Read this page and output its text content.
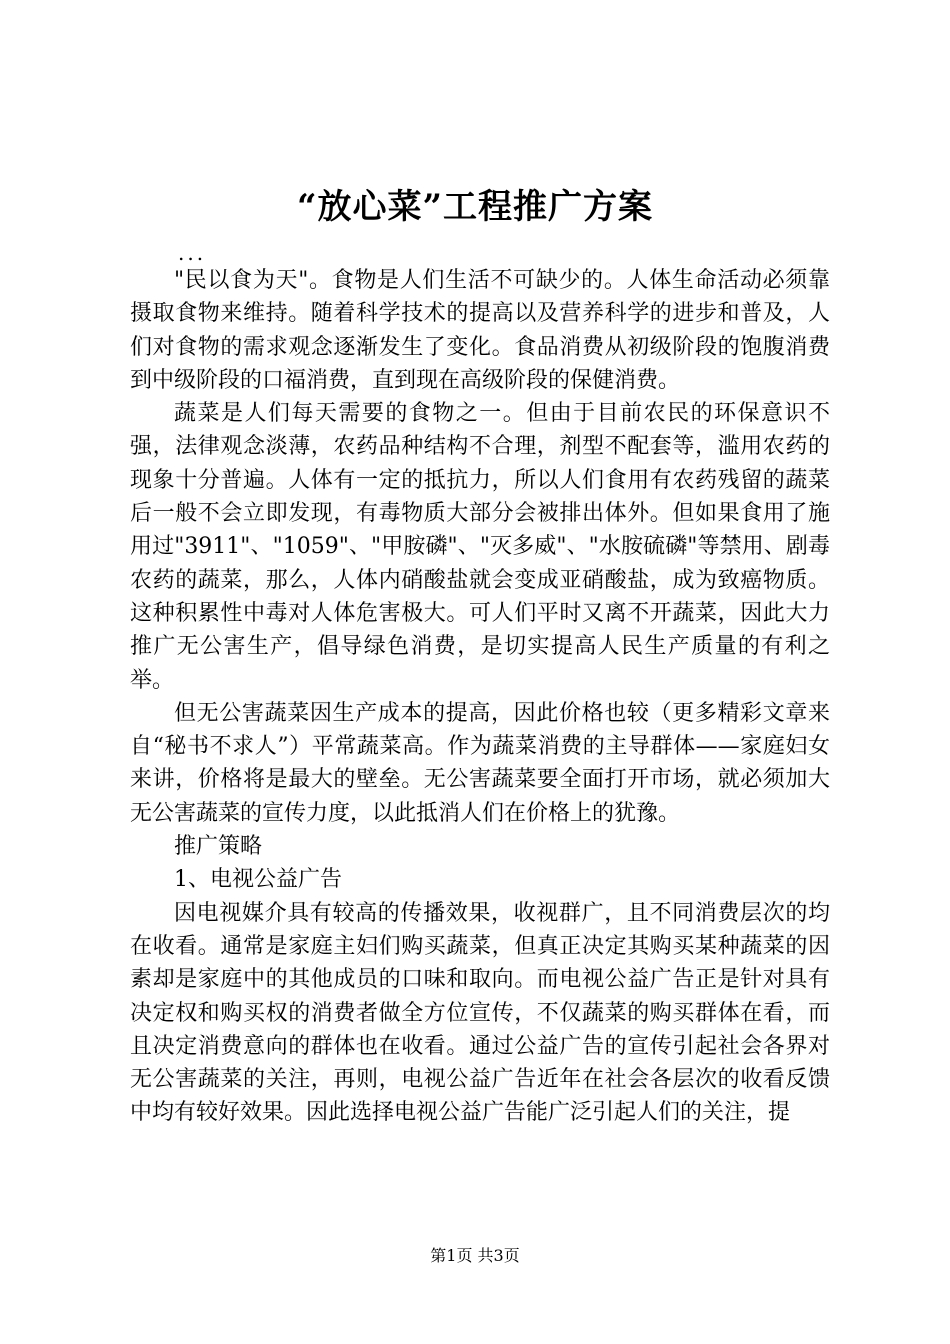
“放心菜”工程推广方案
...

"民以食为天"。食物是人们生活不可缺少的。人体生命活动必须靠摄取食物来维持。随着科学技术的提高以及营养科学的进步和普及，人们对食物的需求观念逐渐发生了变化。食品消费从初级阶段的饱腹消费到中级阶段的口福消费，直到现在高级阶段的保健消费。

蔬菜是人们每天需要的食物之一。但由于目前农民的环保意识不强，法律观念淡薄，农药品种结构不合理，剂型不配套等，滥用农药的现象十分普遍。人体有一定的抵抗力，所以人们食用有农药残留的蔬菜后一般不会立即发现，有毒物质大部分会被排出体外。但如果食用了施用过"3911"、"1059"、"甲胺磷"、"灭多威"、"水胺硫磷"等禁用、剧毒农药的蔬菜，那么，人体内硝酸盐就会变成亚硝酸盐，成为致癌物质。这种积累性中毒对人体危害极大。可人们平时又离不开蔬菜，因此大力推广无公害生产，倡导绿色消费，是切实提高人民生产质量的有利之举。

但无公害蔬菜因生产成本的提高，因此价格也较（更多精彩文章来自“秘书不求人”）平常蔬菜高。作为蔬菜消费的主导群体——家庭妇女来讲，价格将是最大的壁垒。无公害蔬菜要全面打开市场，就必须加大无公害蔬菜的宣传力度，以此抵消人们在价格上的犹豫。

推广策略

1、电视公益广告

因电视媒介具有较高的传播效果，收视群广，且不同消费层次的均在收看。通常是家庭主妇们购买蔬菜，但真正决定其购买某种蔬菜的因素却是家庭中的其他成员的口味和取向。而电视公益广告正是针对具有决定权和购买权的消费者做全方位宣传，不仅蔬菜的购买群体在看，而且决定消费意向的群体也在收看。通过公益广告的宣传引起社会各界对无公害蔬菜的关注，再则，电视公益广告近年在社会各层次的收看反馈中均有较好效果。因此选择电视公益广告能广泛引起人们的关注，提

第1页 共3页
